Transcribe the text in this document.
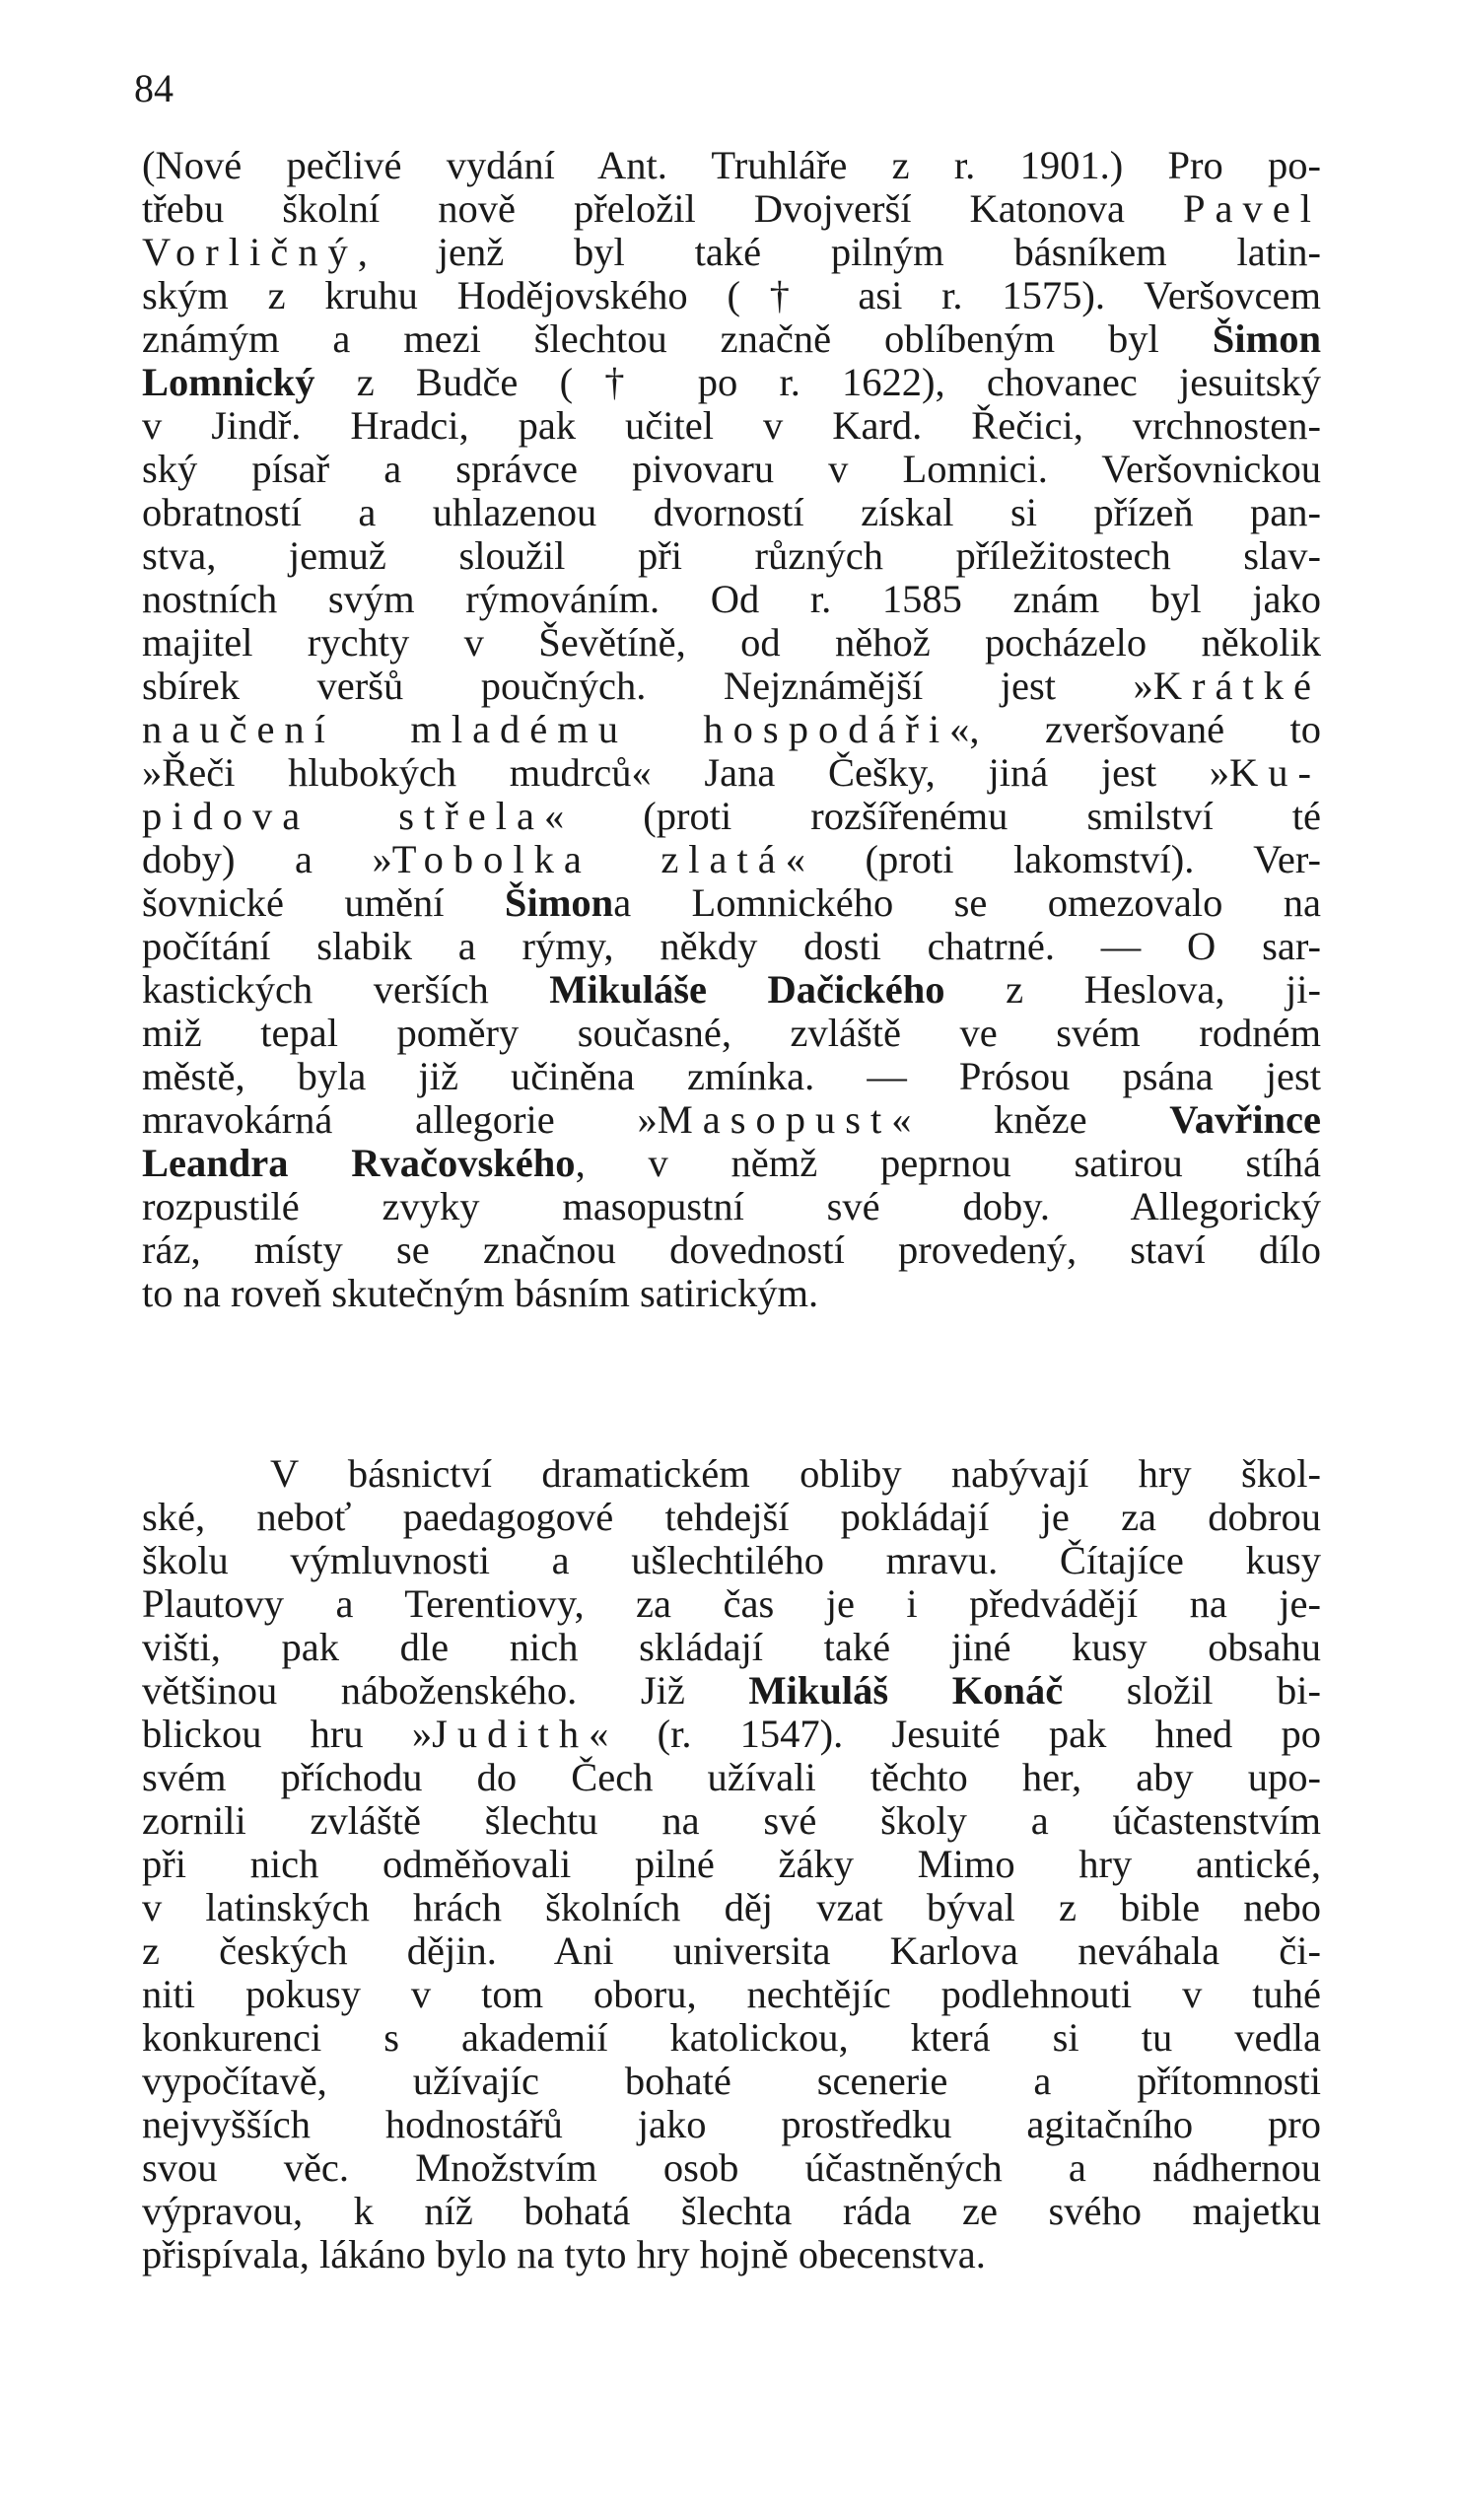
84
(Nové pečlivé vydání Ant. Truhláře z r. 1901.) Pro po-
třebu školní nově přeložil Dvojverší Katonova Pavel
Vorličný, jenž byl také pilným básníkem latin-
ským z kruhu Hodějovského († asi r. 1575). Veršovcem
známým a mezi šlechtou značně oblíbeným byl Šimon
Lomnický z Budče († po r. 1622), chovanec jesuitský
v Jindř. Hradci, pak učitel v Kard. Řečici, vrchnosten-
ský písař a správce pivovaru v Lomnici. Veršovnickou
obratností a uhlazenou dvorností získal si přízeň pan-
stva, jemuž sloužil při různých příležitostech slav-
nostních svým rýmováním. Od r. 1585 znám byl jako
majitel rychty v Ševětíně, od něhož pocházelo několik
sbírek veršů poučných. Nejznámější jest »Krátké
naučení mladému hospodáři«, zveršované to
»Řeči hlubokých mudrců« Jana Češky, jiná jest »Ku-
pidova střela« (proti rozšířenému smilství té
doby) a »Tobolka zlatá« (proti lakomství). Ver-
šovnické umění Šimona Lomnického se omezovalo na
počítání slabik a rýmy, někdy dosti chatrné. — O sar-
kastických verších Mikuláše Dačického z Heslova, ji-
miž tepal poměry současné, zvláště ve svém rodném
městě, byla již učiněna zmínka. — Prósou psána jest
mravokárná allegorie »Masopust« kněze Vavřince
Leandra Rvačovského, v němž peprnou satirou stíhá
rozpustilé zvyky masopustní své doby. Allegorický
ráz, místy se značnou dovedností provedený, staví dílo
to na roveň skutečným básním satirickým.
V básnictví dramatickém obliby nabývají hry škol-
ské, neboť paedagogové tehdejší pokládají je za dobrou
školu výmluvnosti a ušlechtilého mravu. Čítajíce kusy
Plautovy a Terentiovy, za čas je i předvádějí na je-
višti, pak dle nich skládají také jiné kusy obsahu
většinou náboženského. Již Mikuláš Konáč složil bi-
blickou hru »Judith« (r. 1547). Jesuité pak hned po
svém příchodu do Čech užívali těchto her, aby upo-
zornili zvláště šlechtu na své školy a účastenstvím
při nich odměňovali pilné žáky Mimo hry antické,
v latinských hrách školních děj vzat býval z bible nebo
z českých dějin. Ani universita Karlova neváhala či-
niti pokusy v tom oboru, nechtějíc podlehnouti v tuhé
konkurenci s akademií katolickou, která si tu vedla
vypočítavě, užívajíc bohaté scenerie a přítomnosti
nejvyšších hodnostářů jako prostředku agitačního pro
svou věc. Množstvím osob účastněných a nádhernou
výpravou, k níž bohatá šlechta ráda ze svého majetku
přispívala, lákáno bylo na tyto hry hojně obecenstva.
